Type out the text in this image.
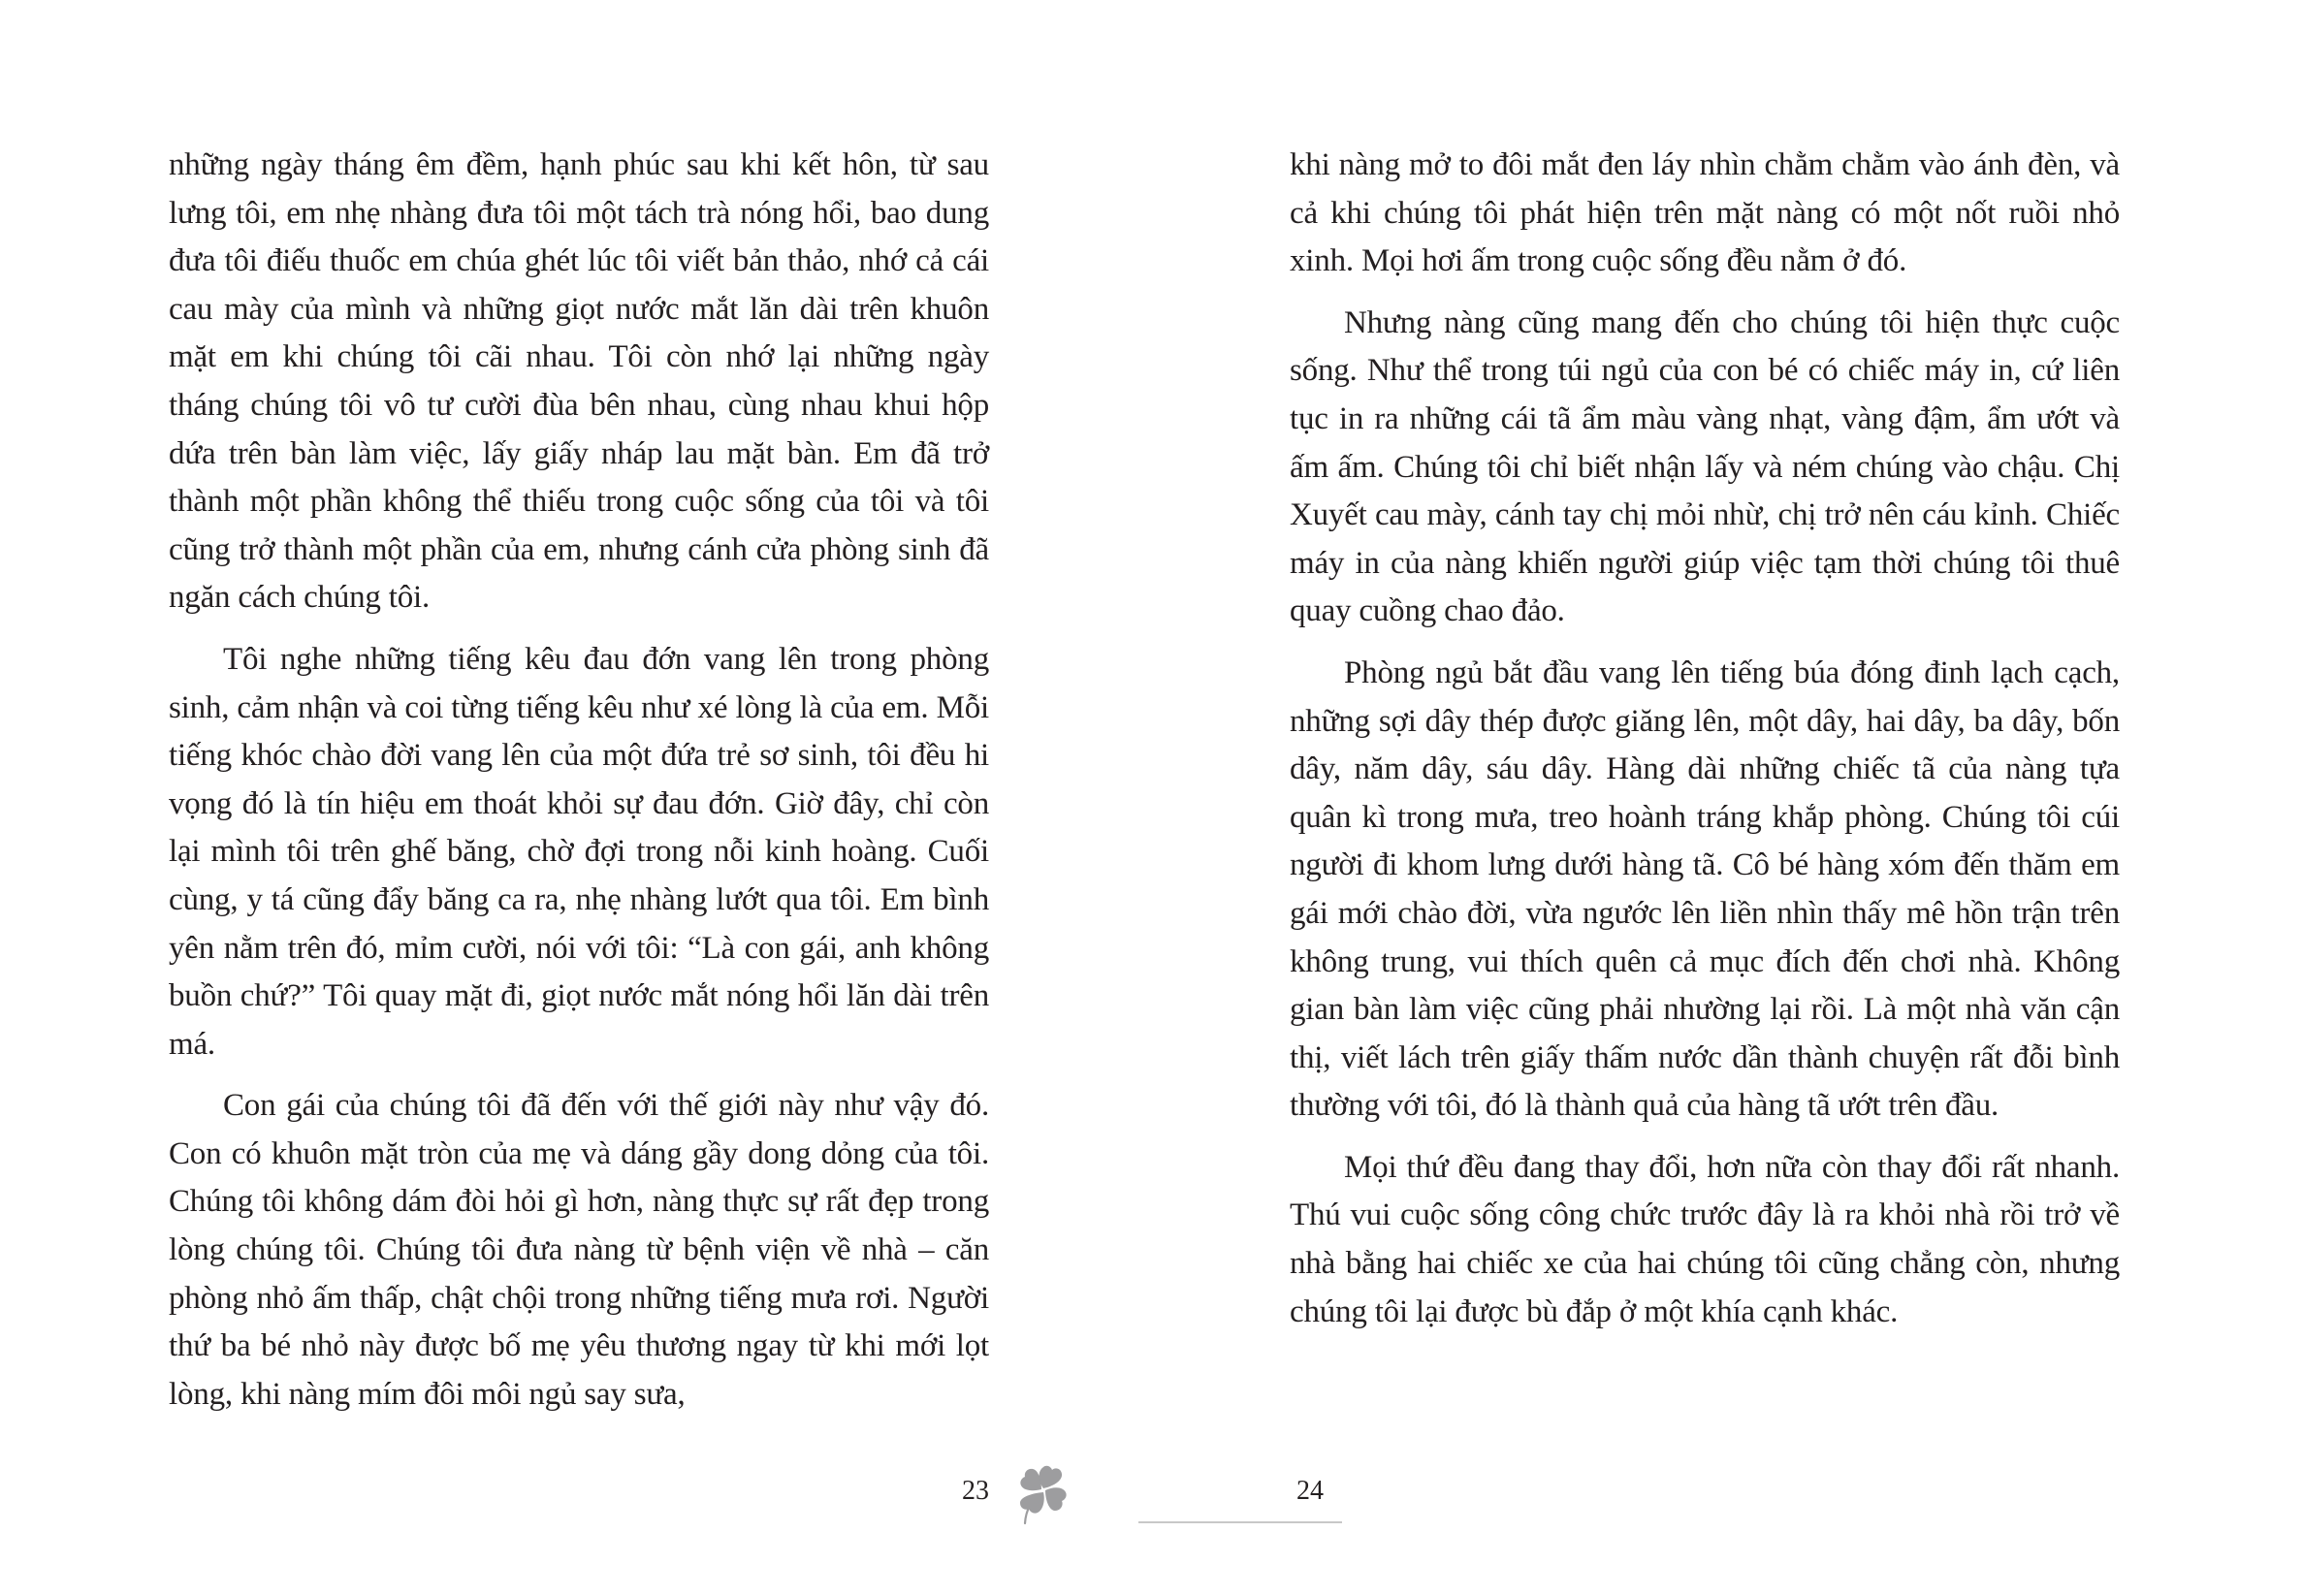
những ngày tháng êm đềm, hạnh phúc sau khi kết hôn, từ sau lưng tôi, em nhẹ nhàng đưa tôi một tách trà nóng hổi, bao dung đưa tôi điếu thuốc em chúa ghét lúc tôi viết bản thảo, nhớ cả cái cau mày của mình và những giọt nước mắt lăn dài trên khuôn mặt em khi chúng tôi cãi nhau. Tôi còn nhớ lại những ngày tháng chúng tôi vô tư cười đùa bên nhau, cùng nhau khui hộp dứa trên bàn làm việc, lấy giấy nháp lau mặt bàn. Em đã trở thành một phần không thể thiếu trong cuộc sống của tôi và tôi cũng trở thành một phần của em, nhưng cánh cửa phòng sinh đã ngăn cách chúng tôi.

Tôi nghe những tiếng kêu đau đớn vang lên trong phòng sinh, cảm nhận và coi từng tiếng kêu như xé lòng là của em. Mỗi tiếng khóc chào đời vang lên của một đứa trẻ sơ sinh, tôi đều hi vọng đó là tín hiệu em thoát khỏi sự đau đớn. Giờ đây, chỉ còn lại mình tôi trên ghế băng, chờ đợi trong nỗi kinh hoàng. Cuối cùng, y tá cũng đẩy băng ca ra, nhẹ nhàng lướt qua tôi. Em bình yên nằm trên đó, mỉm cười, nói với tôi: “Là con gái, anh không buồn chứ?” Tôi quay mặt đi, giọt nước mắt nóng hổi lăn dài trên má.

Con gái của chúng tôi đã đến với thế giới này như vậy đó. Con có khuôn mặt tròn của mẹ và dáng gầy dong dỏng của tôi. Chúng tôi không dám đòi hỏi gì hơn, nàng thực sự rất đẹp trong lòng chúng tôi. Chúng tôi đưa nàng từ bệnh viện về nhà – căn phòng nhỏ ấm thấp, chật chội trong những tiếng mưa rơi. Người thứ ba bé nhỏ này được bố mẹ yêu thương ngay từ khi mới lọt lòng, khi nàng mím đôi môi ngủ say sưa,

khi nàng mở to đôi mắt đen láy nhìn chằm chằm vào ánh đèn, và cả khi chúng tôi phát hiện trên mặt nàng có một nốt ruồi nhỏ xinh. Mọi hơi ấm trong cuộc sống đều nằm ở đó.

Nhưng nàng cũng mang đến cho chúng tôi hiện thực cuộc sống. Như thể trong túi ngủ của con bé có chiếc máy in, cứ liên tục in ra những cái tã ẩm màu vàng nhạt, vàng đậm, ẩm ướt và ấm ấm. Chúng tôi chỉ biết nhận lấy và ném chúng vào chậu. Chị Xuyết cau mày, cánh tay chị mỏi nhừ, chị trở nên cáu kỉnh. Chiếc máy in của nàng khiến người giúp việc tạm thời chúng tôi thuê quay cuồng chao đảo.

Phòng ngủ bắt đầu vang lên tiếng búa đóng đinh lạch cạch, những sợi dây thép được giăng lên, một dây, hai dây, ba dây, bốn dây, năm dây, sáu dây. Hàng dài những chiếc tã của nàng tựa quân kì trong mưa, treo hoành tráng khắp phòng. Chúng tôi cúi người đi khom lưng dưới hàng tã. Cô bé hàng xóm đến thăm em gái mới chào đời, vừa ngước lên liền nhìn thấy mê hồn trận trên không trung, vui thích quên cả mục đích đến chơi nhà. Không gian bàn làm việc cũng phải nhường lại rồi. Là một nhà văn cận thị, viết lách trên giấy thấm nước dần thành chuyện rất đỗi bình thường với tôi, đó là thành quả của hàng tã ướt trên đầu.

Mọi thứ đều đang thay đổi, hơn nữa còn thay đổi rất nhanh. Thú vui cuộc sống công chức trước đây là ra khỏi nhà rồi trở về nhà bằng hai chiếc xe của hai chúng tôi cũng chẳng còn, nhưng chúng tôi lại được bù đắp ở một khía cạnh khác.

23	24
